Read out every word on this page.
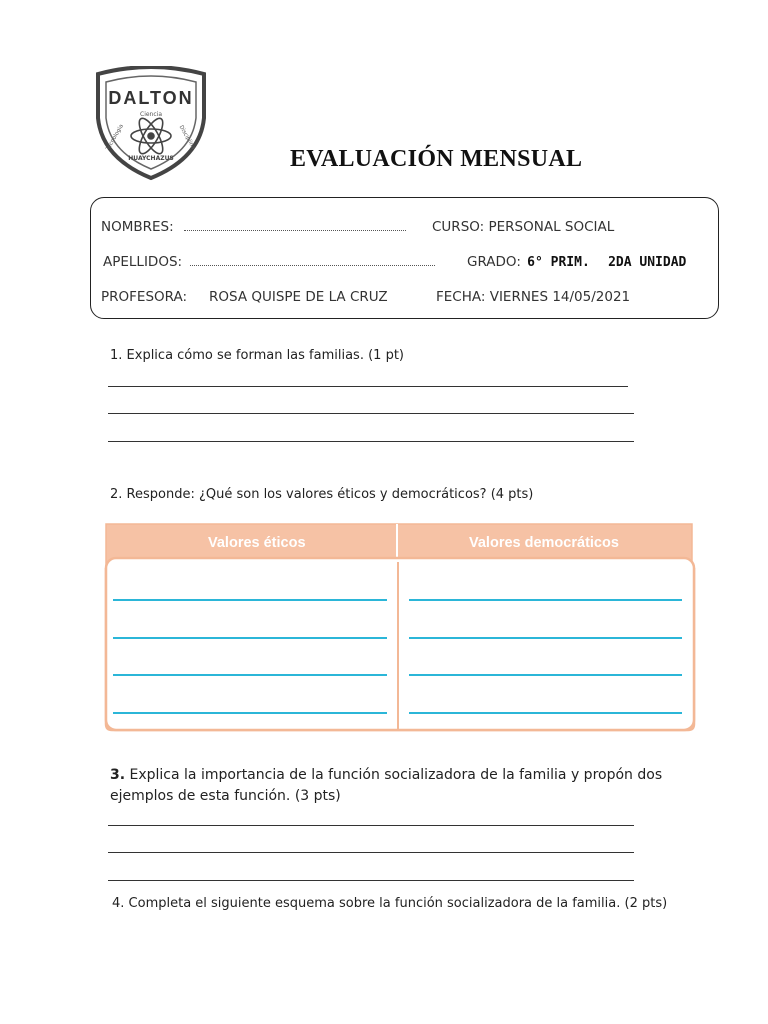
DALTON
Ciencia
Tecnologia	Disciplina
HUAYCHAZUS	EVALUACIÓN MENSUAL
NOMBRES:	CURSO: PERSONAL SOCIAL
APELLIDOS:	GRADO: 6° PRIM. 2DA UNIDAD
PROFESORA: ROSA QUISPE DE LA CRUZ	FECHA: VIERNES 14/05/2021
1. Explica cómo se forman las familias. (1 pt)
2. Responde: ¿Qué son los valores éticos y democráticos? (4 pts)
Valores éticos	Valores democráticos
3. Explica la importancia de la función socializadora de la familia y propón dos
ejemplos de esta función. (3 pts)
4. Completa el siguiente esquema sobre la función socializadora de la familia. (2 pts)
